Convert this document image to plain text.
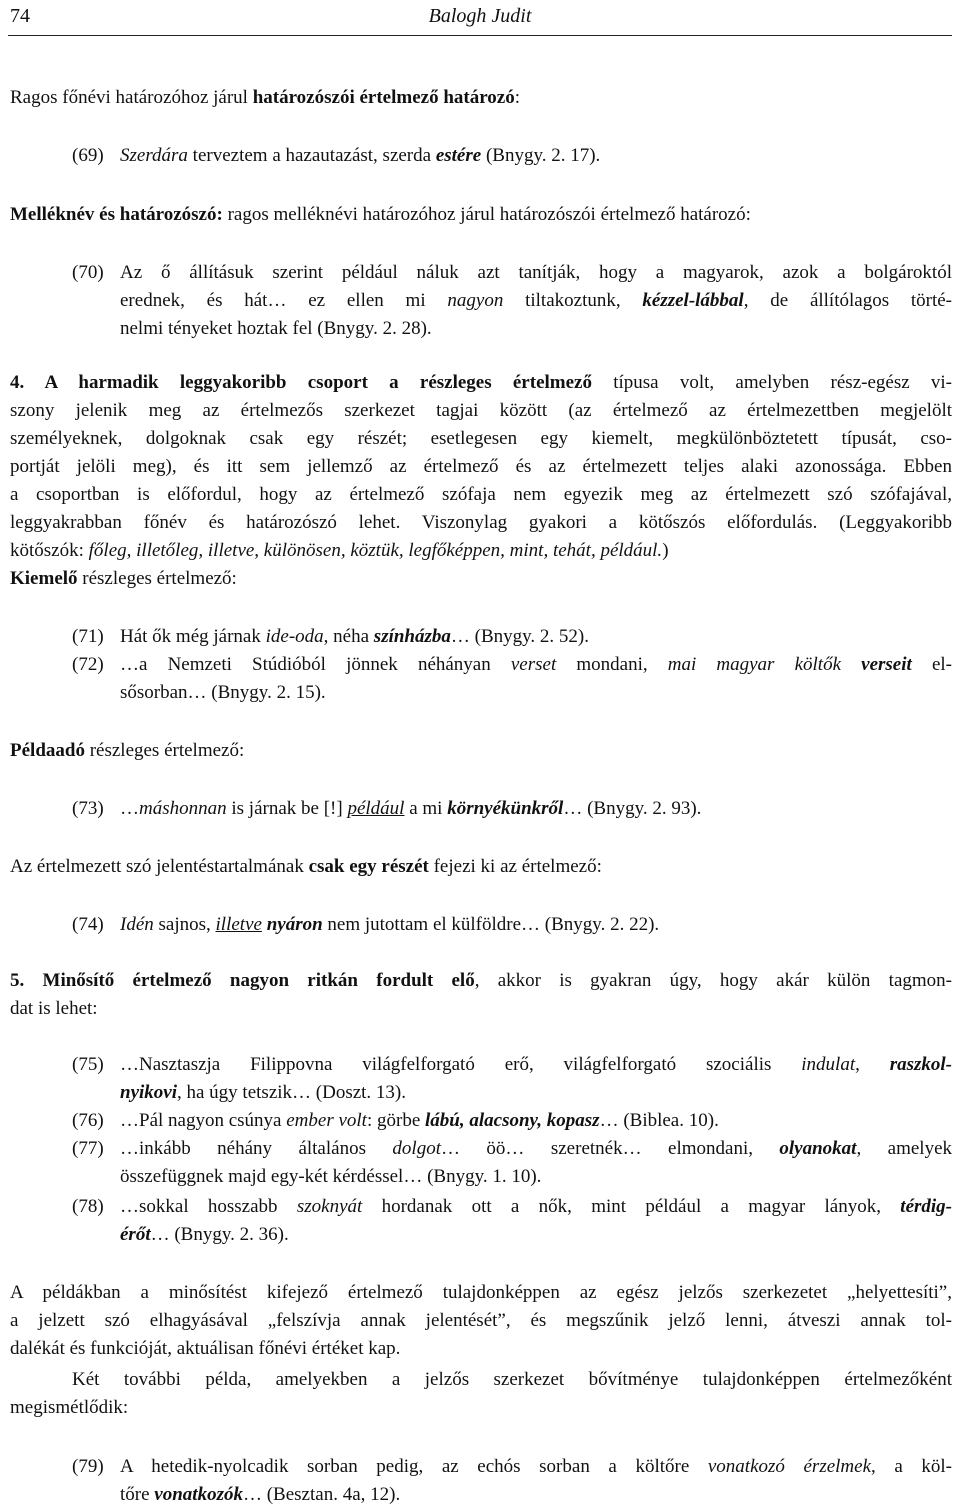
74	Balogh Judit
Ragos főnévi határozóhoz járul határozószói értelmező határozó:
(69) Szerdára terveztem a hazautazást, szerda estére (Bnygy. 2. 17).
Melléknév és határozószó: ragos melléknévi határozóhoz járul határozószói értelmező határozó:
(70) Az ő állításuk szerint például náluk azt tanítják, hogy a magyarok, azok a bolgároktól
erednek, és hát… ez ellen mi nagyon tiltakoztunk, kézzel-lábbal, de állítólagos törté-
nelmi tényeket hoztak fel (Bnygy. 2. 28).
4. A harmadik leggyakoribb csoport a részleges értelmező típusa volt, amelyben rész-egész vi-
szony jelenik meg az értelmezős szerkezet tagjai között (az értelmező az értelmezettben megjelölt
személyeknek, dolgoknak csak egy részét; esetlegesen egy kiemelt, megkülönböztetett típusát, cso-
portját jelöli meg), és itt sem jellemző az értelmező és az értelmezett teljes alaki azonossága. Ebben
a csoportban is előfordul, hogy az értelmező szófaja nem egyezik meg az értelmezett szó szófajával,
leggyakrabban főnév és határozószó lehet. Viszonylag gyakori a kötőszós előfordulás. (Leggyakoribb
kötőszók: főleg, illetőleg, illetve, különösen, köztük, legfőképpen, mint, tehát, például.)
Kiemelő részleges értelmező:
(71) Hát ők még járnak ide-oda, néha színházba… (Bnygy. 2. 52).
(72) …a Nemzeti Stúdióból jönnek néhányan verset mondani, mai magyar költők verseit el-
sősorban… (Bnygy. 2. 15).
Példaadó részleges értelmező:
(73) …máshonnan is járnak be [!] például a mi környékünkről… (Bnygy. 2. 93).
Az értelmezett szó jelentéstartalmának csak egy részét fejezi ki az értelmező:
(74) Idén sajnos, illetve nyáron nem jutottam el külföldre… (Bnygy. 2. 22).
5. Minősítő értelmező nagyon ritkán fordult elő, akkor is gyakran úgy, hogy akár külön tagmon-
dat is lehet:
(75) …Nasztaszja Filippovna világfelforgató erő, világfelforgató szociális indulat, raszkol-
nyikovi, ha úgy tetszik… (Doszt. 13).
(76) …Pál nagyon csúnya ember volt: görbe lábú, alacsony, kopasz… (Biblea. 10).
(77) …inkább néhány általános dolgot… öö… szeretnék… elmondani, olyanokat, amelyek
összefüggnek majd egy-két kérdéssel… (Bnygy. 1. 10).
(78) …sokkal hosszabb szoknyát hordanak ott a nők, mint például a magyar lányok, térdig-
érőt… (Bnygy. 2. 36).
A példákban a minősítést kifejező értelmező tulajdonképpen az egész jelzős szerkezetet „helyettesíti”,
a jelzett szó elhagyásával „felszívja annak jelentését”, és megszűnik jelző lenni, átveszi annak tol-
dalékát és funkcióját, aktuálisan főnévi értéket kap.
Két további példa, amelyekben a jelzős szerkezet bővítménye tulajdonképpen értelmezőként
megismétlődik:
(79) A hetedik-nyolcadik sorban pedig, az echós sorban a költőre vonatkozó érzelmek, a köl-
tőre vonatkozók… (Besztan. 4a, 12).
